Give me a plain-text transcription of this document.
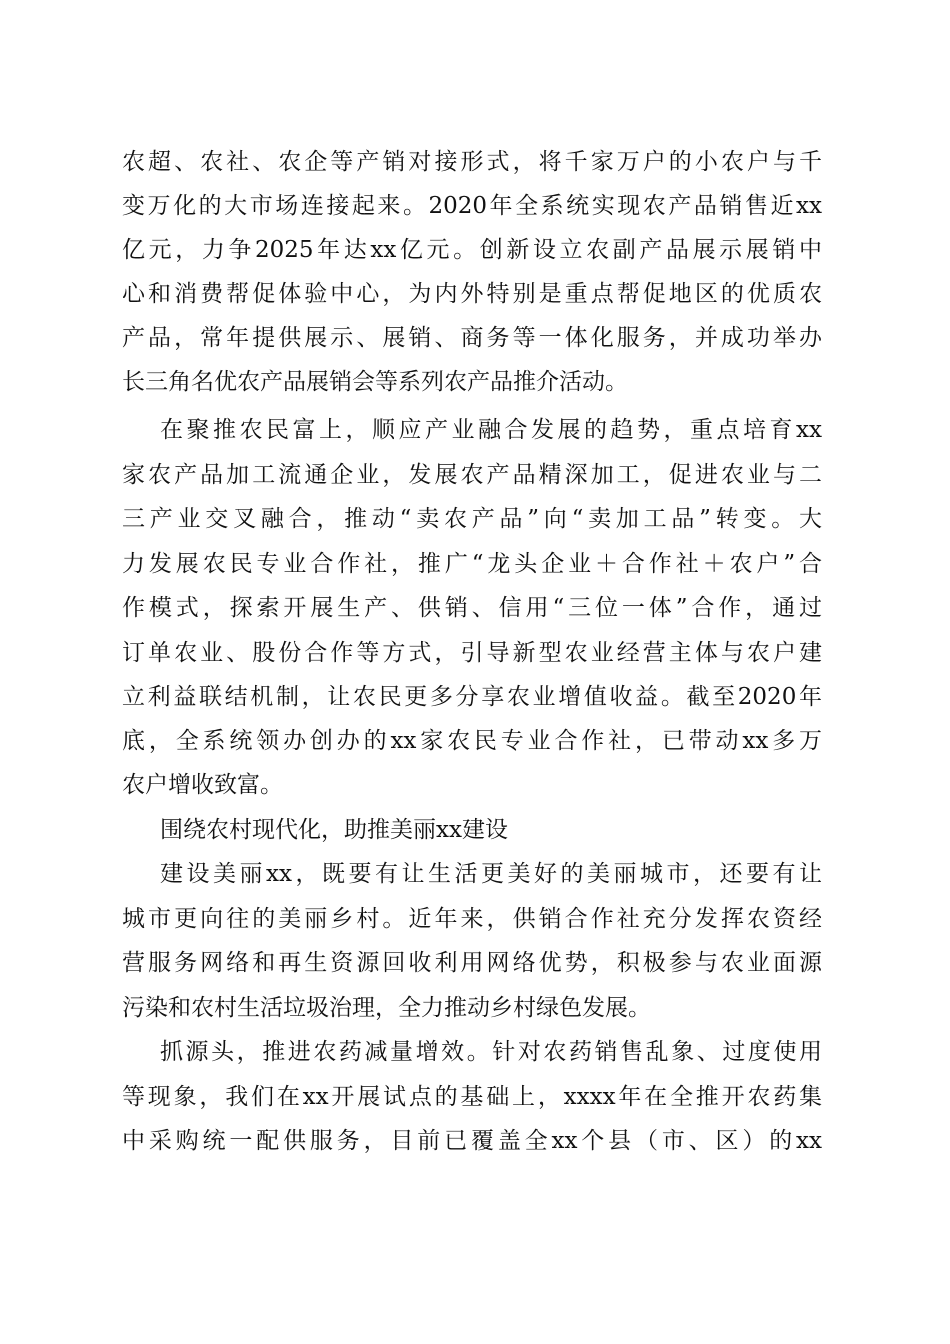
农超、农社、农企等产销对接形式，将千家万户的小农户与千
变万化的大市场连接起来。2020年全系统实现农产品销售近xx
亿元，力争2025年达xx亿元。创新设立农副产品展示展销中
心和消费帮促体验中心，为内外特别是重点帮促地区的优质农
产品，常年提供展示、展销、商务等一体化服务，并成功举办
长三角名优农产品展销会等系列农产品推介活动。
在聚推农民富上，顺应产业融合发展的趋势，重点培育xx
家农产品加工流通企业，发展农产品精深加工，促进农业与二
三产业交叉融合，推动“卖农产品”向“卖加工品”转变。大
力发展农民专业合作社，推广“龙头企业＋合作社＋农户”合
作模式，探索开展生产、供销、信用“三位一体”合作，通过
订单农业、股份合作等方式，引导新型农业经营主体与农户建
立利益联结机制，让农民更多分享农业增值收益。截至2020年
底，全系统领办创办的xx家农民专业合作社，已带动xx多万
农户增收致富。
围绕农村现代化，助推美丽xx建设
建设美丽xx，既要有让生活更美好的美丽城市，还要有让
城市更向往的美丽乡村。近年来，供销合作社充分发挥农资经
营服务网络和再生资源回收利用网络优势，积极参与农业面源
污染和农村生活垃圾治理，全力推动乡村绿色发展。
抓源头，推进农药减量增效。针对农药销售乱象、过度使用
等现象，我们在xx开展试点的基础上，xxxx年在全推开农药集
中采购统一配供服务，目前已覆盖全xx个县（市、区）的xx
